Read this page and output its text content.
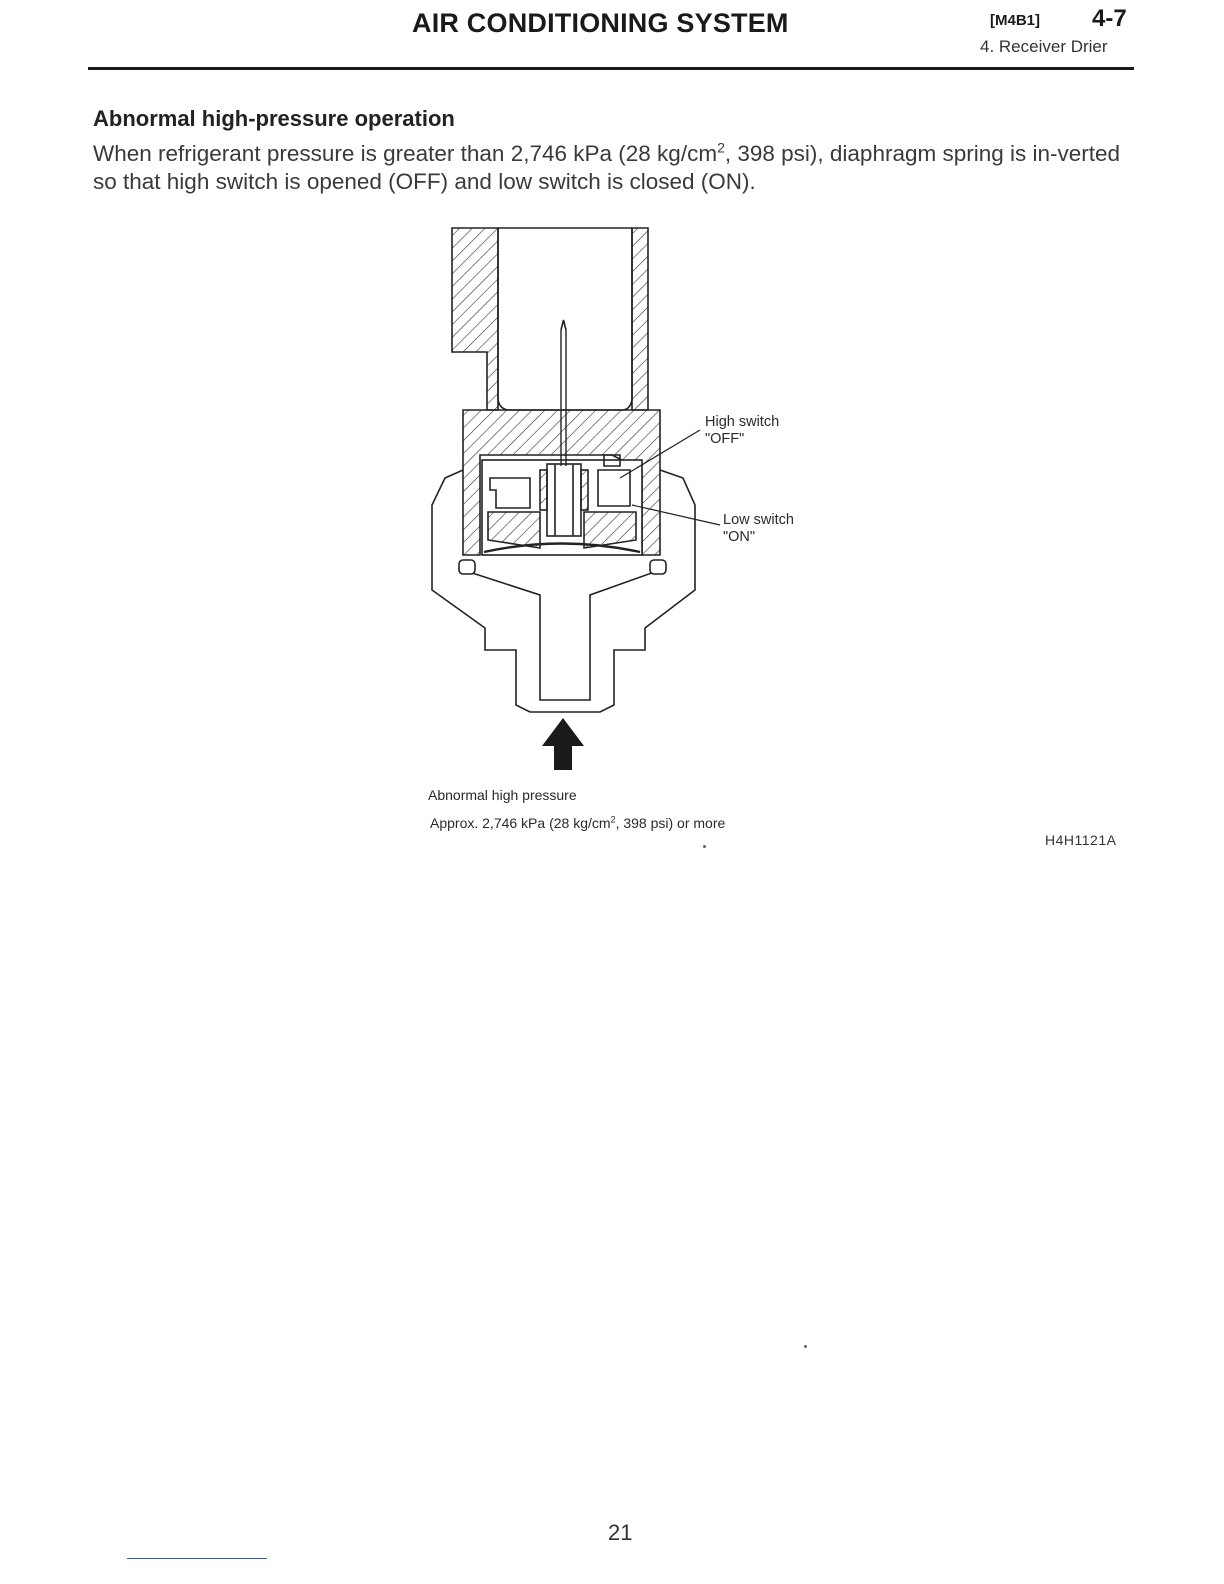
AIR CONDITIONING SYSTEM	[M4B1] 4-7
4. Receiver Drier
Abnormal high-pressure operation
When refrigerant pressure is greater than 2,746 kPa (28 $kg/cm^2$, 398 psi), diaphragm spring is in-verted so that high switch is opened (OFF) and low switch is closed (ON).
High switch
"OFF"
Low switch
"ON"
Abnormal high pressure
Approx. 2,746 kPa (28 $kg/cm^2$, 398 psi) or more
H4H1121A
21
